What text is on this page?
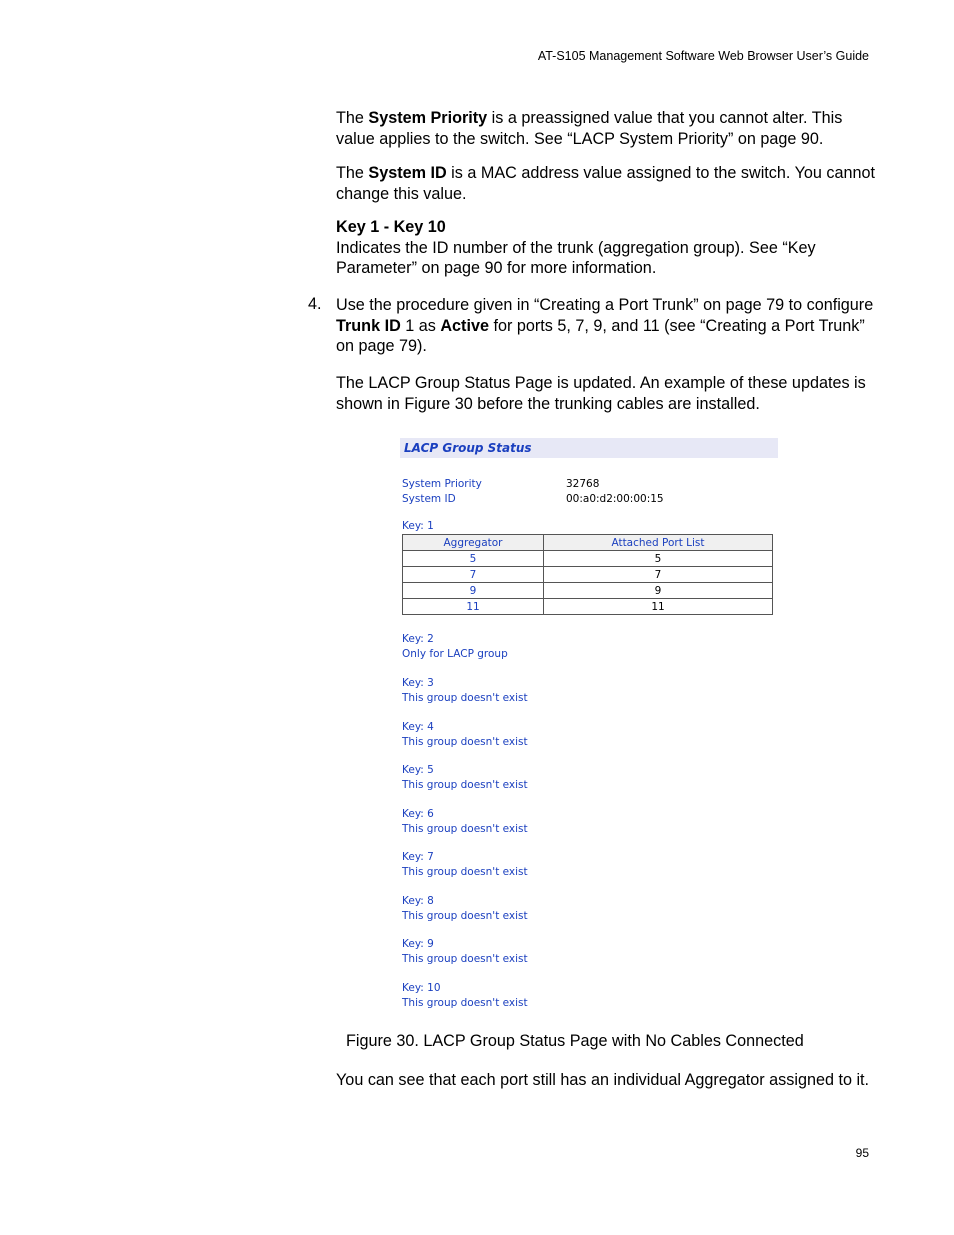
AT-S105 Management Software Web Browser User’s Guide
The System Priority is a preassigned value that you cannot alter. This value applies to the switch. See “LACP System Priority” on page 90.
The System ID is a MAC address value assigned to the switch. You cannot change this value.
Key 1 - Key 10
Indicates the ID number of the trunk (aggregation group). See “Key Parameter” on page 90 for more information.
4. Use the procedure given in “Creating a Port Trunk” on page 79 to configure Trunk ID 1 as Active for ports 5, 7, 9, and 11 (see “Creating a Port Trunk” on page 79).
The LACP Group Status Page is updated. An example of these updates is shown in Figure 30 before the trunking cables are installed.
LACP Group Status
System Priority	32768
System ID	00:a0:d2:00:00:15
Key: 1
Aggregator	Attached Port List
5	5
7	7
9	9
11	11
Key: 2
Only for LACP group
Key: 3
This group doesn't exist
Key: 4
This group doesn't exist
Key: 5
This group doesn't exist
Key: 6
This group doesn't exist
Key: 7
This group doesn't exist
Key: 8
This group doesn't exist
Key: 9
This group doesn't exist
Key: 10
This group doesn't exist
Figure 30. LACP Group Status Page with No Cables Connected
You can see that each port still has an individual Aggregator assigned to it.
95
